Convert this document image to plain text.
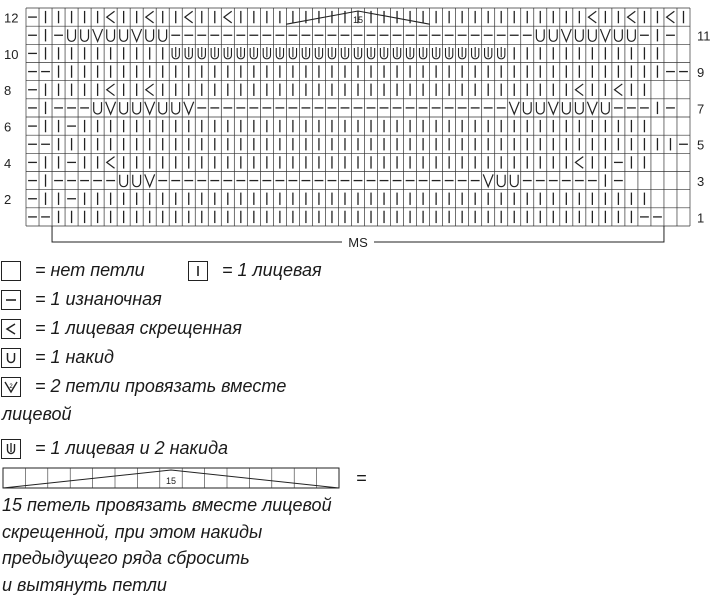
15
12
10
8
6
4
2
11
9
7
5
3
1
MS
= нет петли	= 1 лицевая
= 1 изнаночная
= 1 лицевая скрещенная
= 1 накид
2 = 2 петли провязать вместе
лицевой
= 1 лицевая и 2 накида
15	=
15 петель провязать вместе лицевой
скрещенной, при этом накиды
предыдущего ряда сбросить
и вытянуть петли
